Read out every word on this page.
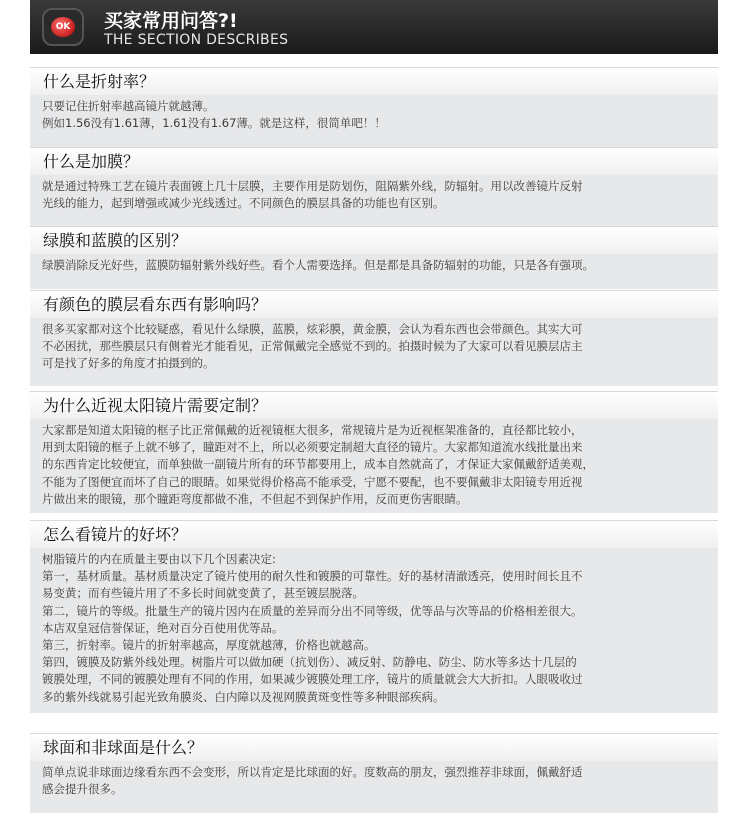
OK 买家常用问答?!
THE SECTION DESCRIBES
什么是折射率？
只要记住折射率越高镜片就越薄。
例如1.56没有1.61薄，1.61没有1.67薄。就是这样，很简单吧！！
什么是加膜？
就是通过特殊工艺在镜片表面镀上几十层膜，主要作用是防划伤，阻隔紫外线，防辐射。用以改善镜片反射
光线的能力，起到增强或减少光线透过。不同颜色的膜层具备的功能也有区别。
绿膜和蓝膜的区别？
绿膜消除反光好些，蓝膜防辐射紫外线好些。看个人需要选择。但是都是具备防辐射的功能，只是各有强项。
有颜色的膜层看东西有影响吗？
很多买家都对这个比较疑惑，看见什么绿膜，蓝膜，炫彩膜，黄金膜，会认为看东西也会带颜色。其实大可
不必困扰，那些膜层只有侧着光才能看见，正常佩戴完全感觉不到的。拍摄时候为了大家可以看见膜层店主
可是找了好多的角度才拍摄到的。
为什么近视太阳镜片需要定制？
大家都是知道太阳镜的框子比正常佩戴的近视镜框大很多，常规镜片是为近视框架准备的，直径都比较小，
用到太阳镜的框子上就不够了，瞳距对不上，所以必须要定制超大直径的镜片。大家都知道流水线批量出来
的东西肯定比较便宜，而单独做一副镜片所有的环节都要用上，成本自然就高了，才保证大家佩戴舒适美观，
不能为了图便宜而坏了自己的眼睛。如果觉得价格高不能承受，宁愿不要配，也不要佩戴非太阳镜专用近视
片做出来的眼镜，那个瞳距弯度都做不准，不但起不到保护作用，反而更伤害眼睛。
怎么看镜片的好坏？
树脂镜片的内在质量主要由以下几个因素决定:
第一，基材质量。基材质量决定了镜片使用的耐久性和镀膜的可靠性。好的基材清澈透亮，使用时间长且不
易变黄；而有些镜片用了不多长时间就变黄了，甚至镀层脱落。
第二，镜片的等级。批量生产的镜片因内在质量的差异而分出不同等级，优等品与次等品的价格相差很大。
本店双皇冠信誉保证，绝对百分百使用优等品。
第三，折射率。镜片的折射率越高，厚度就越薄，价格也就越高。
第四，镀膜及防紫外线处理。树脂片可以做加硬（抗划伤）、减反射、防静电、防尘、防水等多达十几层的
镀膜处理，不同的镀膜处理有不同的作用，如果减少镀膜处理工序，镜片的质量就会大大折扣。人眼吸收过
多的紫外线就易引起光致角膜炎、白内障以及视网膜黄斑变性等多种眼部疾病。
球面和非球面是什么？
简单点说非球面边缘看东西不会变形，所以肯定是比球面的好。度数高的朋友，强烈推荐非球面，佩戴舒适
感会提升很多。
